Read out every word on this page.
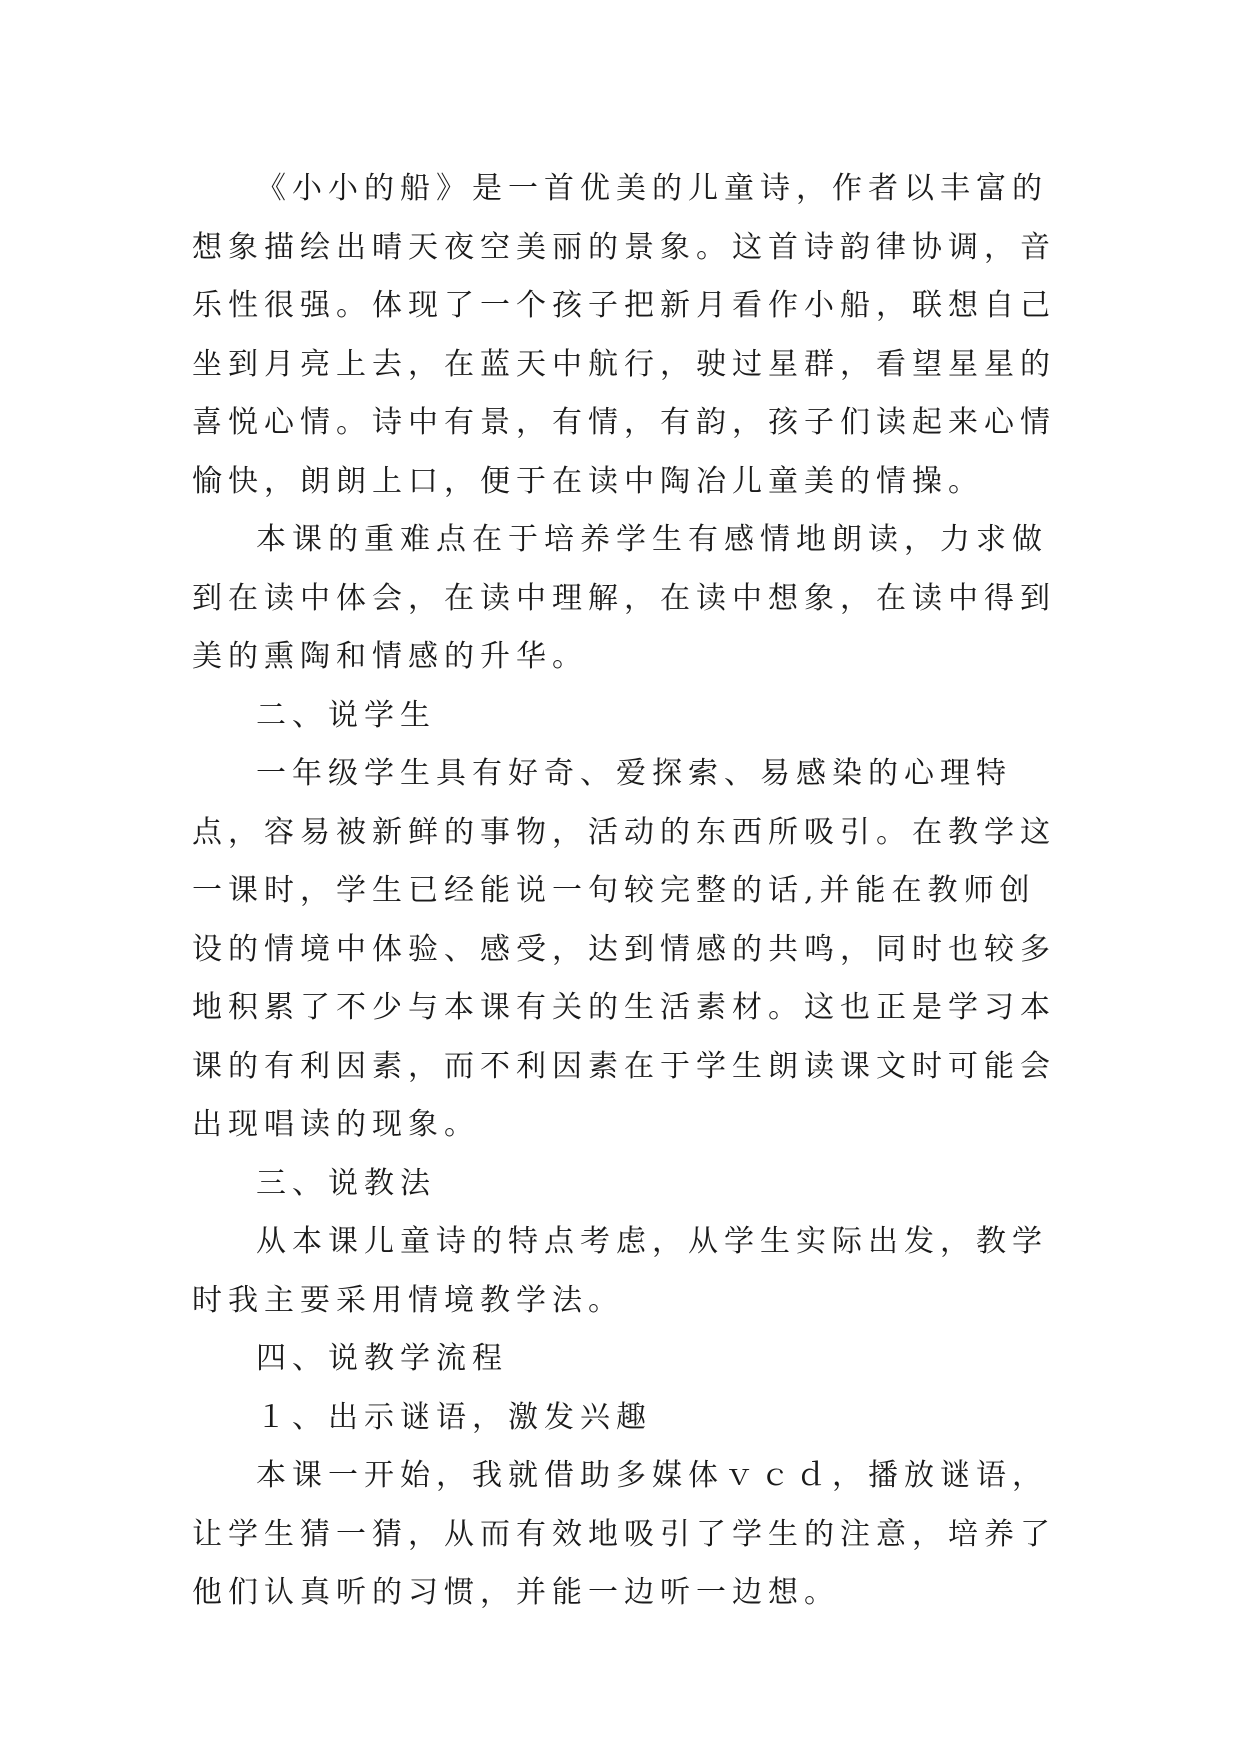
《小小的船》是一首优美的儿童诗，作者以丰富的想象描绘出晴天夜空美丽的景象。这首诗韵律协调，音乐性很强。体现了一个孩子把新月看作小船，联想自己坐到月亮上去，在蓝天中航行，驶过星群，看望星星的喜悦心情。诗中有景，有情，有韵，孩子们读起来心情愉快，朗朗上口，便于在读中陶冶儿童美的情操。

本课的重难点在于培养学生有感情地朗读，力求做到在读中体会，在读中理解，在读中想象，在读中得到美的熏陶和情感的升华。

二、说学生

一年级学生具有好奇、爱探索、易感染的心理特点，容易被新鲜的事物，活动的东西所吸引。在教学这一课时，学生已经能说一句较完整的话,并能在教师创设的情境中体验、感受，达到情感的共鸣，同时也较多地积累了不少与本课有关的生活素材。这也正是学习本课的有利因素，而不利因素在于学生朗读课文时可能会出现唱读的现象。

三、说教法

从本课儿童诗的特点考虑，从学生实际出发，教学时我主要采用情境教学法。

四、说教学流程

１、出示谜语，激发兴趣

本课一开始，我就借助多媒体ｖｃｄ，播放谜语，让学生猜一猜，从而有效地吸引了学生的注意，培养了他们认真听的习惯，并能一边听一边想。
